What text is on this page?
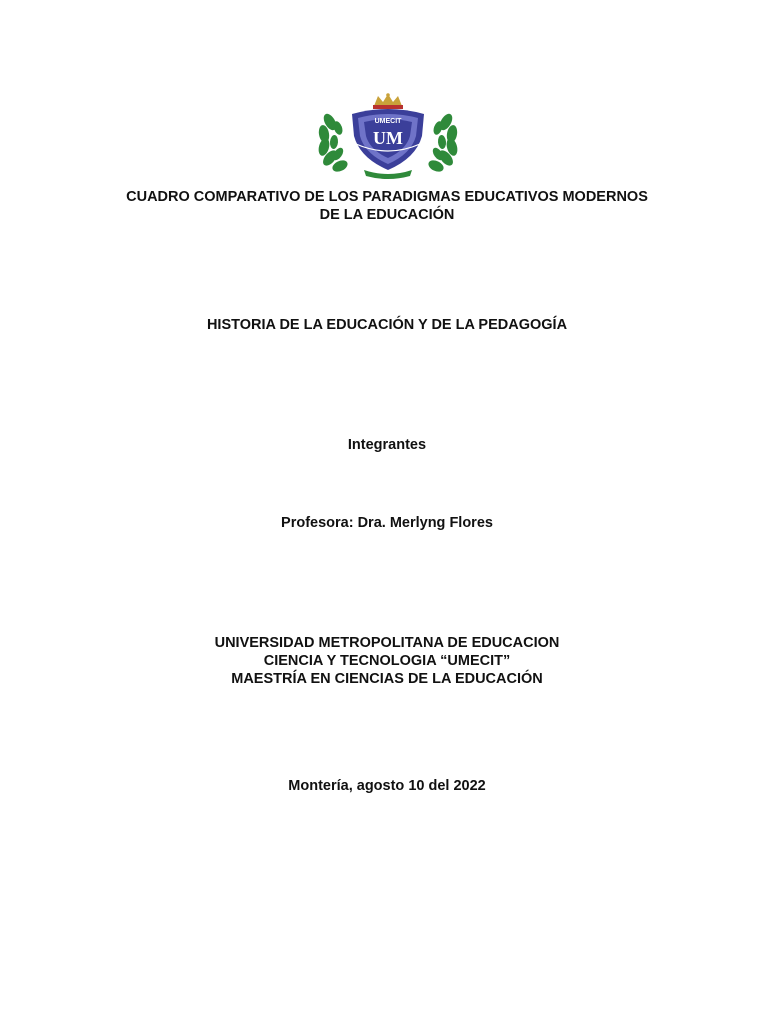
UMECIT
UM
CUADRO COMPARATIVO DE LOS PARADIGMAS EDUCATIVOS MODERNOS
DE LA EDUCACIÓN
HISTORIA DE LA EDUCACIÓN Y DE LA PEDAGOGÍA
Integrantes
Profesora: Dra. Merlyng Flores
UNIVERSIDAD METROPOLITANA DE EDUCACION
CIENCIA Y TECNOLOGIA “UMECIT”
MAESTRÍA EN CIENCIAS DE LA EDUCACIÓN
Montería, agosto 10 del 2022
